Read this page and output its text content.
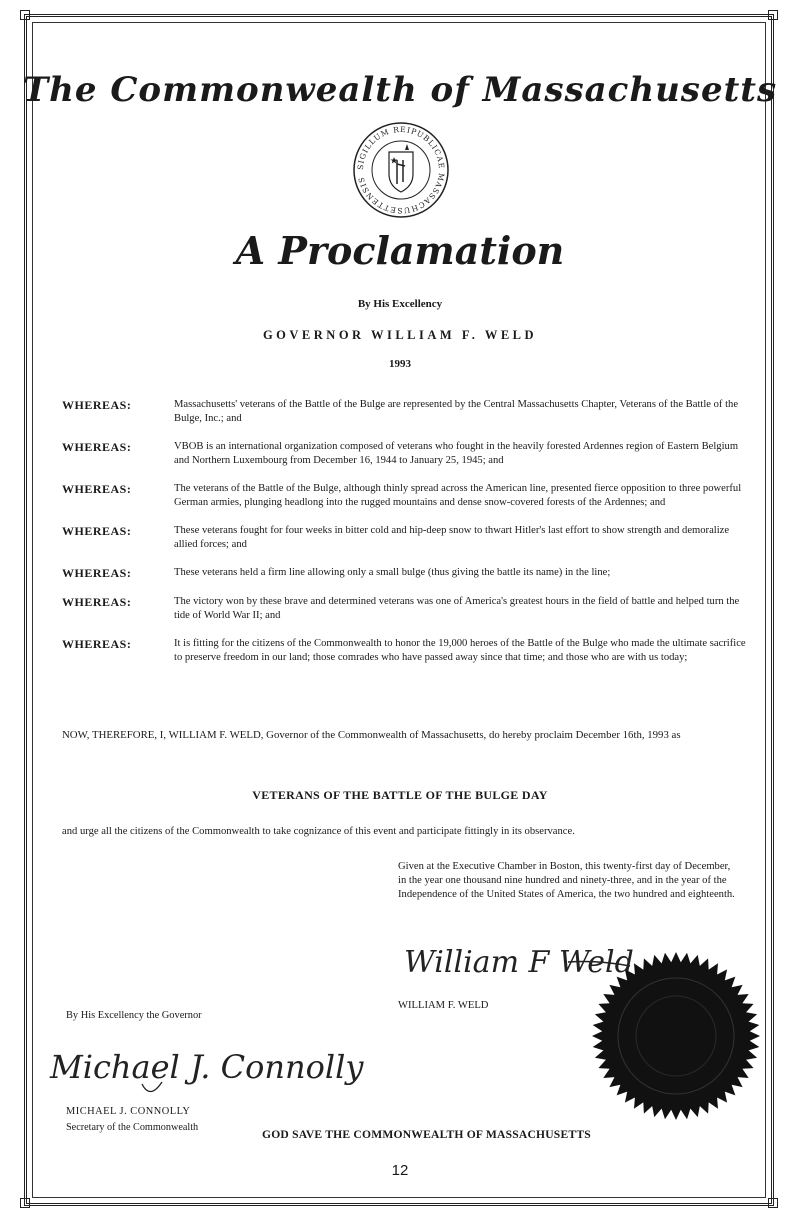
The Commonwealth of Massachusetts
SIGILLUM REIPUBLICAE MASSACHUSETTENSIS
A Proclamation
By His Excellency
GOVERNOR WILLIAM F. WELD
1993
WHEREAS:	Massachusetts' veterans of the Battle of the Bulge are represented by the Central Massachusetts Chapter, Veterans of the Battle of the Bulge, Inc.; and
WHEREAS:	VBOB is an international organization composed of veterans who fought in the heavily forested Ardennes region of Eastern Belgium and Northern Luxembourg from December 16, 1944 to January 25, 1945; and
WHEREAS:	The veterans of the Battle of the Bulge, although thinly spread across the American line, presented fierce opposition to three powerful German armies, plunging headlong into the rugged mountains and dense snow-covered forests of the Ardennes; and
WHEREAS:	These veterans fought for four weeks in bitter cold and hip-deep snow to thwart Hitler's last effort to show strength and demoralize allied forces; and
WHEREAS:	These veterans held a firm line allowing only a small bulge (thus giving the battle its name) in the line;
WHEREAS:	The victory won by these brave and determined veterans was one of America's greatest hours in the field of battle and helped turn the tide of World War II; and
WHEREAS:	It is fitting for the citizens of the Commonwealth to honor the 19,000 heroes of the Battle of the Bulge who made the ultimate sacrifice to preserve freedom in our land; those comrades who have passed away since that time; and those who are with us today;
NOW, THEREFORE, I, WILLIAM F. WELD, Governor of the Commonwealth of Massachusetts, do hereby proclaim December 16th, 1993 as
VETERANS OF THE BATTLE OF THE BULGE DAY
and urge all the citizens of the Commonwealth to take cognizance of this event and participate fittingly in its observance.
Given at the Executive Chamber in Boston, this twenty-first day of December, in the year one thousand nine hundred and ninety-three, and in the year of the Independence of the United States of America, the two hundred and eighteenth.
William F Weld
WILLIAM F. WELD
By His Excellency the Governor
Michael J. Connolly
MICHAEL J. CONNOLLY
Secretary of the Commonwealth
GOD SAVE THE COMMONWEALTH OF MASSACHUSETTS
12
